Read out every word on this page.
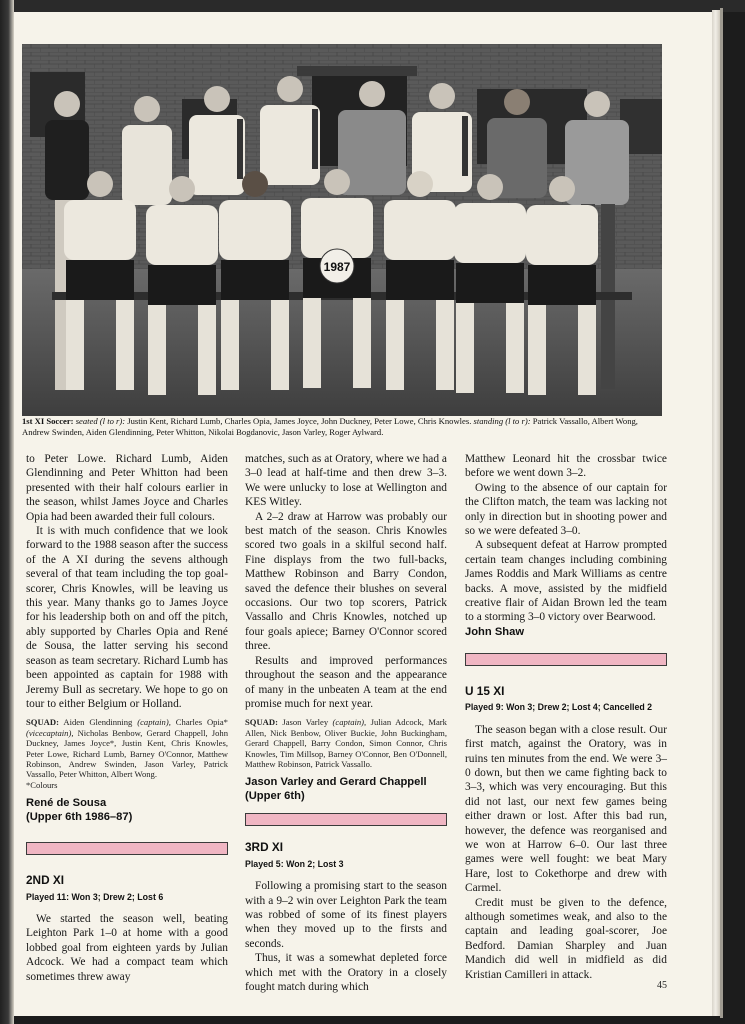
1987
1st XI Soccer: seated (l to r): Justin Kent, Richard Lumb, Charles Opia, James Joyce, John Duckney, Peter Lowe, Chris Knowles. standing (l to r): Patrick Vassallo, Albert Wong, Andrew Swinden, Aiden Glendinning, Peter Whitton, Nikolai Bogdanovic, Jason Varley, Roger Aylward.

to Peter Lowe. Richard Lumb, Aiden Glendinning and Peter Whitton had been presented with their half colours earlier in the season, whilst James Joyce and Charles Opia had been awarded their full colours.

It is with much confidence that we look forward to the 1988 season after the success of the A XI during the sevens although several of that team including the top goal-scorer, Chris Knowles, will be leaving us this year. Many thanks go to James Joyce for his leadership both on and off the pitch, ably supported by Charles Opia and René de Sousa, the latter serving his second season as team secretary. Richard Lumb has been appointed as captain for 1988 with Jeremy Bull as secretary. We hope to go on tour to either Belgium or Holland.

SQUAD: Aiden Glendinning (captain), Charles Opia* (vicecaptain), Nicholas Benbow, Gerard Chappell, John Duckney, James Joyce*, Justin Kent, Chris Knowles, Peter Lowe, Richard Lumb, Barney O'Connor, Matthew Robinson, Andrew Swinden, Jason Varley, Patrick Vassallo, Peter Whitton, Albert Wong.
*Colours
René de Sousa
(Upper 6th 1986–87)
2ND XI
Played 11: Won 3; Drew 2; Lost 6

We started the season well, beating Leighton Park 1–0 at home with a good lobbed goal from eighteen yards by Julian Adcock. We had a compact team which sometimes threw away

matches, such as at Oratory, where we had a 3–0 lead at half-time and then drew 3–3. We were unlucky to lose at Wellington and KES Witley.

A 2–2 draw at Harrow was probably our best match of the season. Chris Knowles scored two goals in a skilful second half. Fine displays from the two full-backs, Matthew Robinson and Barry Condon, saved the defence their blushes on several occasions. Our two top scorers, Patrick Vassallo and Chris Knowles, notched up four goals apiece; Barney O'Connor scored three.

Results and improved performances throughout the season and the appearance of many in the unbeaten A team at the end promise much for next year.

SQUAD: Jason Varley (captain), Julian Adcock, Mark Allen, Nick Benbow, Oliver Buckie, John Buckingham, Gerard Chappell, Barry Condon, Simon Connor, Chris Knowles, Tim Millsop, Barney O'Connor, Ben O'Donnell, Matthew Robinson, Patrick Vassallo.
Jason Varley and Gerard Chappell
(Upper 6th)
3RD XI
Played 5: Won 2; Lost 3

Following a promising start to the season with a 9–2 win over Leighton Park the team was robbed of some of its finest players when they moved up to the firsts and seconds.

Thus, it was a somewhat depleted force which met with the Oratory in a closely fought match during which

Matthew Leonard hit the crossbar twice before we went down 3–2.

Owing to the absence of our captain for the Clifton match, the team was lacking not only in direction but in shooting power and so we were defeated 3–0.

A subsequent defeat at Harrow prompted certain team changes including combining James Roddis and Mark Williams as centre backs. A move, assisted by the midfield creative flair of Aidan Brown led the team to a storming 3–0 victory over Bearwood.

John Shaw
U 15 XI
Played 9: Won 3; Drew 2; Lost 4; Cancelled 2

The season began with a close result. Our first match, against the Oratory, was in ruins ten minutes from the end. We were 3–0 down, but then we came fighting back to 3–3, which was very encouraging. But this did not last, our next few games being either drawn or lost. After this bad run, however, the defence was reorganised and we won at Harrow 6–0. Our last three games were well fought: we beat Mary Hare, lost to Cokethorpe and drew with Carmel.

Credit must be given to the defence, although sometimes weak, and also to the captain and leading goal-scorer, Joe Bedford. Damian Sharpley and Juan Mandich did well in midfield as did Kristian Camilleri in attack.

45
